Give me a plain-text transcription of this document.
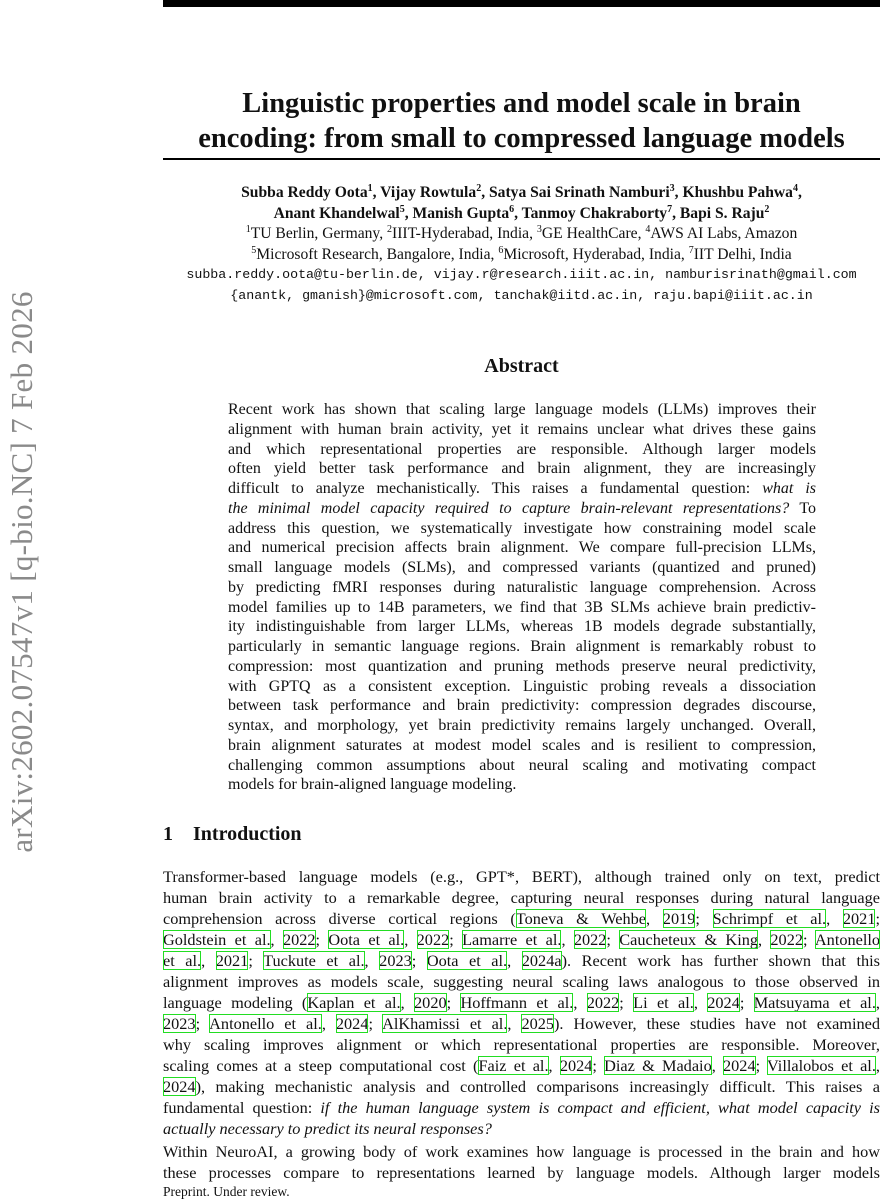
arXiv:2602.07547v1 [q-bio.NC] 7 Feb 2026
Linguistic properties and model scale in brain
encoding: from small to compressed language models
Subba Reddy Oota$^1$, Vijay Rowtula$^2$, Satya Sai Srinath Namburi$^3$, Khushbu Pahwa$^4$,
Anant Khandelwal$^5$, Manish Gupta$^6$, Tanmoy Chakraborty$^7$, Bapi S. Raju$^2$
$^1$TU Berlin, Germany, $^2$IIIT-Hyderabad, India, $^3$GE HealthCare, $^4$AWS AI Labs, Amazon
$^5$Microsoft Research, Bangalore, India, $^6$Microsoft, Hyderabad, India, $^7$IIT Delhi, India
subba.reddy.oota@tu-berlin.de, vijay.r@research.iiit.ac.in, namburisrinath@gmail.com
{anantk, gmanish}@microsoft.com, tanchak@iitd.ac.in, raju.bapi@iiit.ac.in
Abstract
Recent work has shown that scaling large language models (LLMs) improves their
alignment with human brain activity, yet it remains unclear what drives these gains
and which representational properties are responsible. Although larger models
often yield better task performance and brain alignment, they are increasingly
difficult to analyze mechanistically. This raises a fundamental question: what is
the minimal model capacity required to capture brain-relevant representations? To
address this question, we systematically investigate how constraining model scale
and numerical precision affects brain alignment. We compare full-precision LLMs,
small language models (SLMs), and compressed variants (quantized and pruned)
by predicting fMRI responses during naturalistic language comprehension. Across
model families up to 14B parameters, we find that 3B SLMs achieve brain predictiv-
ity indistinguishable from larger LLMs, whereas 1B models degrade substantially,
particularly in semantic language regions. Brain alignment is remarkably robust to
compression: most quantization and pruning methods preserve neural predictivity,
with GPTQ as a consistent exception. Linguistic probing reveals a dissociation
between task performance and brain predictivity: compression degrades discourse,
syntax, and morphology, yet brain predictivity remains largely unchanged. Overall,
brain alignment saturates at modest model scales and is resilient to compression,
challenging common assumptions about neural scaling and motivating compact
models for brain-aligned language modeling.
1 Introduction
Transformer-based language models (e.g., GPT*, BERT), although trained only on text, predict
human brain activity to a remarkable degree, capturing neural responses during natural language
comprehension across diverse cortical regions (Toneva & Wehbe, 2019; Schrimpf et al., 2021;
Goldstein et al., 2022; Oota et al., 2022; Lamarre et al., 2022; Caucheteux & King, 2022; Antonello
et al., 2021; Tuckute et al., 2023; Oota et al., 2024a). Recent work has further shown that this
alignment improves as models scale, suggesting neural scaling laws analogous to those observed in
language modeling (Kaplan et al., 2020; Hoffmann et al., 2022; Li et al., 2024; Matsuyama et al.,
2023; Antonello et al., 2024; AlKhamissi et al., 2025). However, these studies have not examined
why scaling improves alignment or which representational properties are responsible. Moreover,
scaling comes at a steep computational cost (Faiz et al., 2024; Diaz & Madaio, 2024; Villalobos et al.,
2024), making mechanistic analysis and controlled comparisons increasingly difficult. This raises a
fundamental question: if the human language system is compact and efficient, what model capacity is
actually necessary to predict its neural responses?
Within NeuroAI, a growing body of work examines how language is processed in the brain and how
these processes compare to representations learned by language models. Although larger models
Preprint. Under review.
